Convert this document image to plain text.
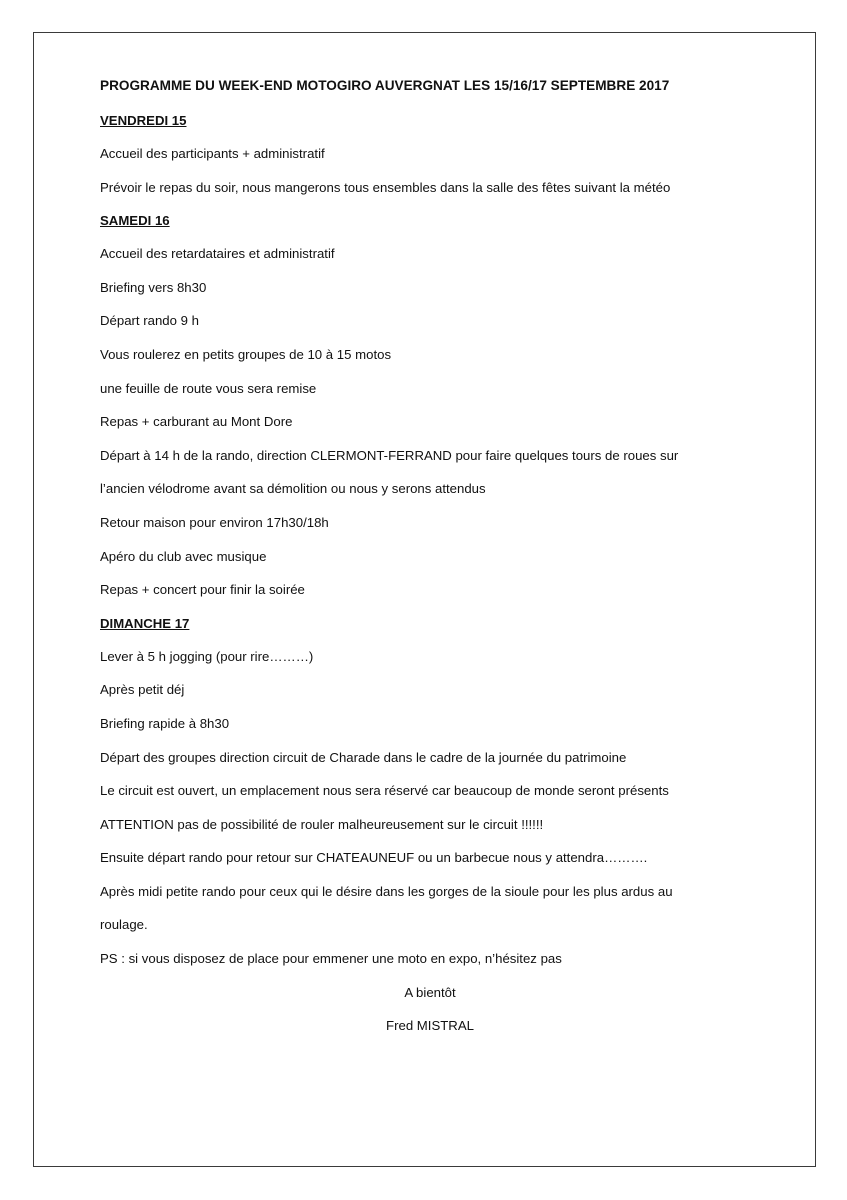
PROGRAMME DU WEEK-END MOTOGIRO AUVERGNAT LES 15/16/17 SEPTEMBRE 2017
VENDREDI 15
Accueil des participants + administratif
Prévoir le repas du soir, nous mangerons tous ensembles dans la salle des fêtes suivant la météo
SAMEDI 16
Accueil des retardataires et administratif
Briefing vers 8h30
Départ rando 9 h
Vous roulerez en petits groupes de 10 à 15 motos
une feuille de route vous sera remise
Repas + carburant au Mont Dore
Départ à 14 h de la rando, direction CLERMONT-FERRAND pour faire quelques tours de roues sur
l’ancien vélodrome avant sa démolition ou nous y serons attendus
Retour maison pour environ 17h30/18h
Apéro du club avec musique
Repas + concert pour finir la soirée
DIMANCHE 17
Lever à 5 h jogging (pour rire………)
Après petit déj
Briefing rapide à 8h30
Départ des groupes direction circuit de Charade dans le cadre de la journée du patrimoine
Le circuit est ouvert, un emplacement nous sera réservé car beaucoup de monde seront présents
ATTENTION pas de possibilité de rouler malheureusement sur le circuit !!!!!!
Ensuite départ rando pour retour sur CHATEAUNEUF ou un barbecue nous y attendra……….
Après midi petite rando pour ceux qui le désire dans les gorges de la sioule pour les plus ardus au
roulage.
PS : si vous disposez de place pour emmener une moto en expo, n’hésitez pas
A bientôt
Fred MISTRAL
